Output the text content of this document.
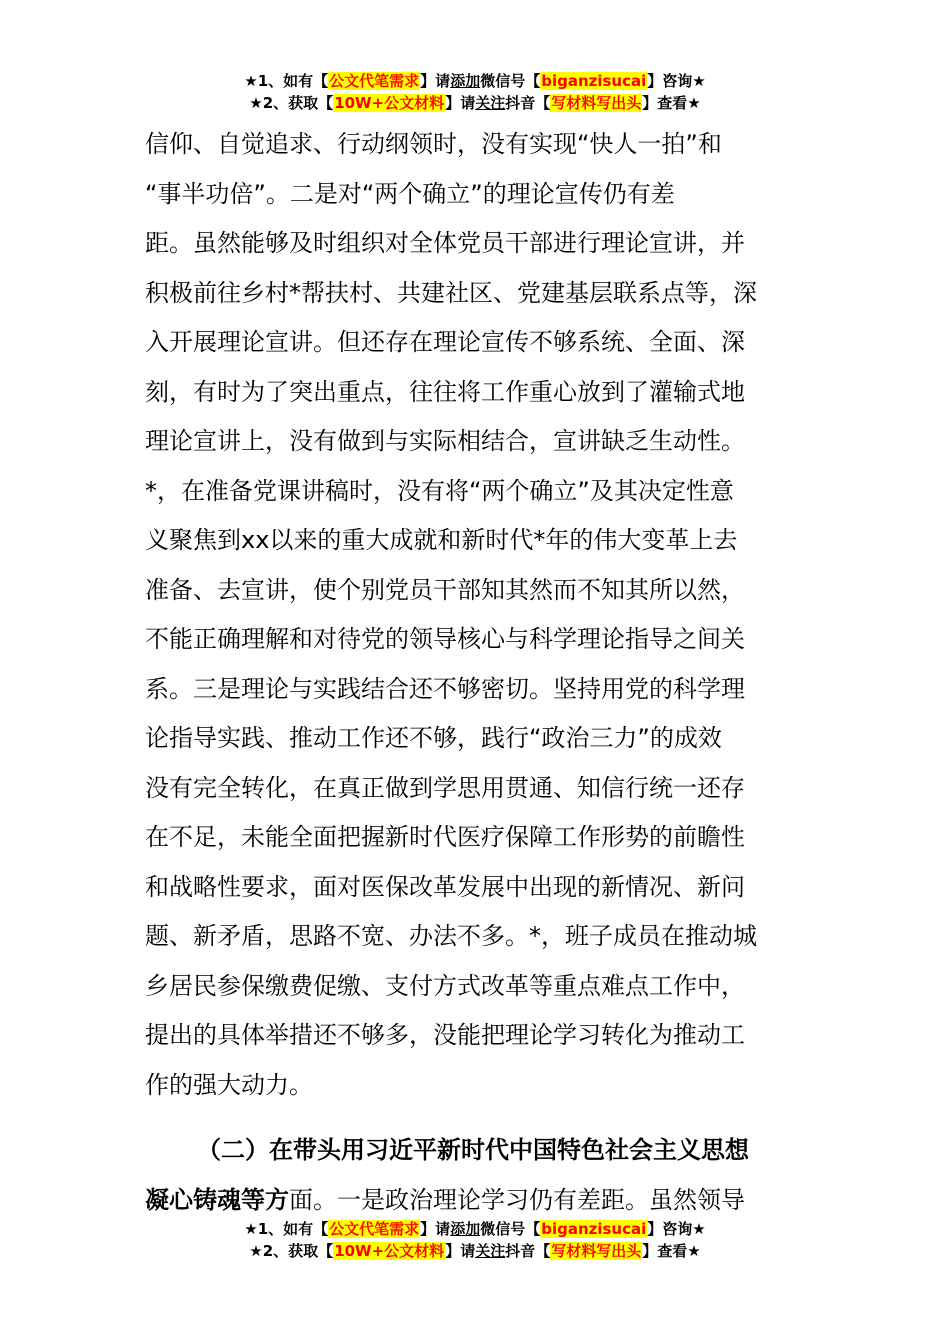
★1、如有【公文代笔需求】请添加微信号【biganzisucai】咨询★
★2、获取【10W+公文材料】请关注抖音【写材料写出头】查看★
信仰、自觉追求、行动纲领时，没有实现“快人一拍”和
“事半功倍”。二是对“两个确立”的理论宣传仍有差
距。虽然能够及时组织对全体党员干部进行理论宣讲，并
积极前往乡村*帮扶村、共建社区、党建基层联系点等，深
入开展理论宣讲。但还存在理论宣传不够系统、全面、深
刻，有时为了突出重点，往往将工作重心放到了灌输式地
理论宣讲上，没有做到与实际相结合，宣讲缺乏生动性。
*，在准备党课讲稿时，没有将“两个确立”及其决定性意
义聚焦到xx以来的重大成就和新时代*年的伟大变革上去
准备、去宣讲，使个别党员干部知其然而不知其所以然，
不能正确理解和对待党的领导核心与科学理论指导之间关
系。三是理论与实践结合还不够密切。坚持用党的科学理
论指导实践、推动工作还不够，践行“政治三力”的成效
没有完全转化，在真正做到学思用贯通、知信行统一还存
在不足，未能全面把握新时代医疗保障工作形势的前瞻性
和战略性要求，面对医保改革发展中出现的新情况、新问
题、新矛盾，思路不宽、办法不多。*，班子成员在推动城
乡居民参保缴费促缴、支付方式改革等重点难点工作中，
提出的具体举措还不够多，没能把理论学习转化为推动工
作的强大动力。
（二）在带头用习近平新时代中国特色社会主义思想
凝心铸魂等方面。一是政治理论学习仍有差距。虽然领导
★1、如有【公文代笔需求】请添加微信号【biganzisucai】咨询★
★2、获取【10W+公文材料】请关注抖音【写材料写出头】查看★
